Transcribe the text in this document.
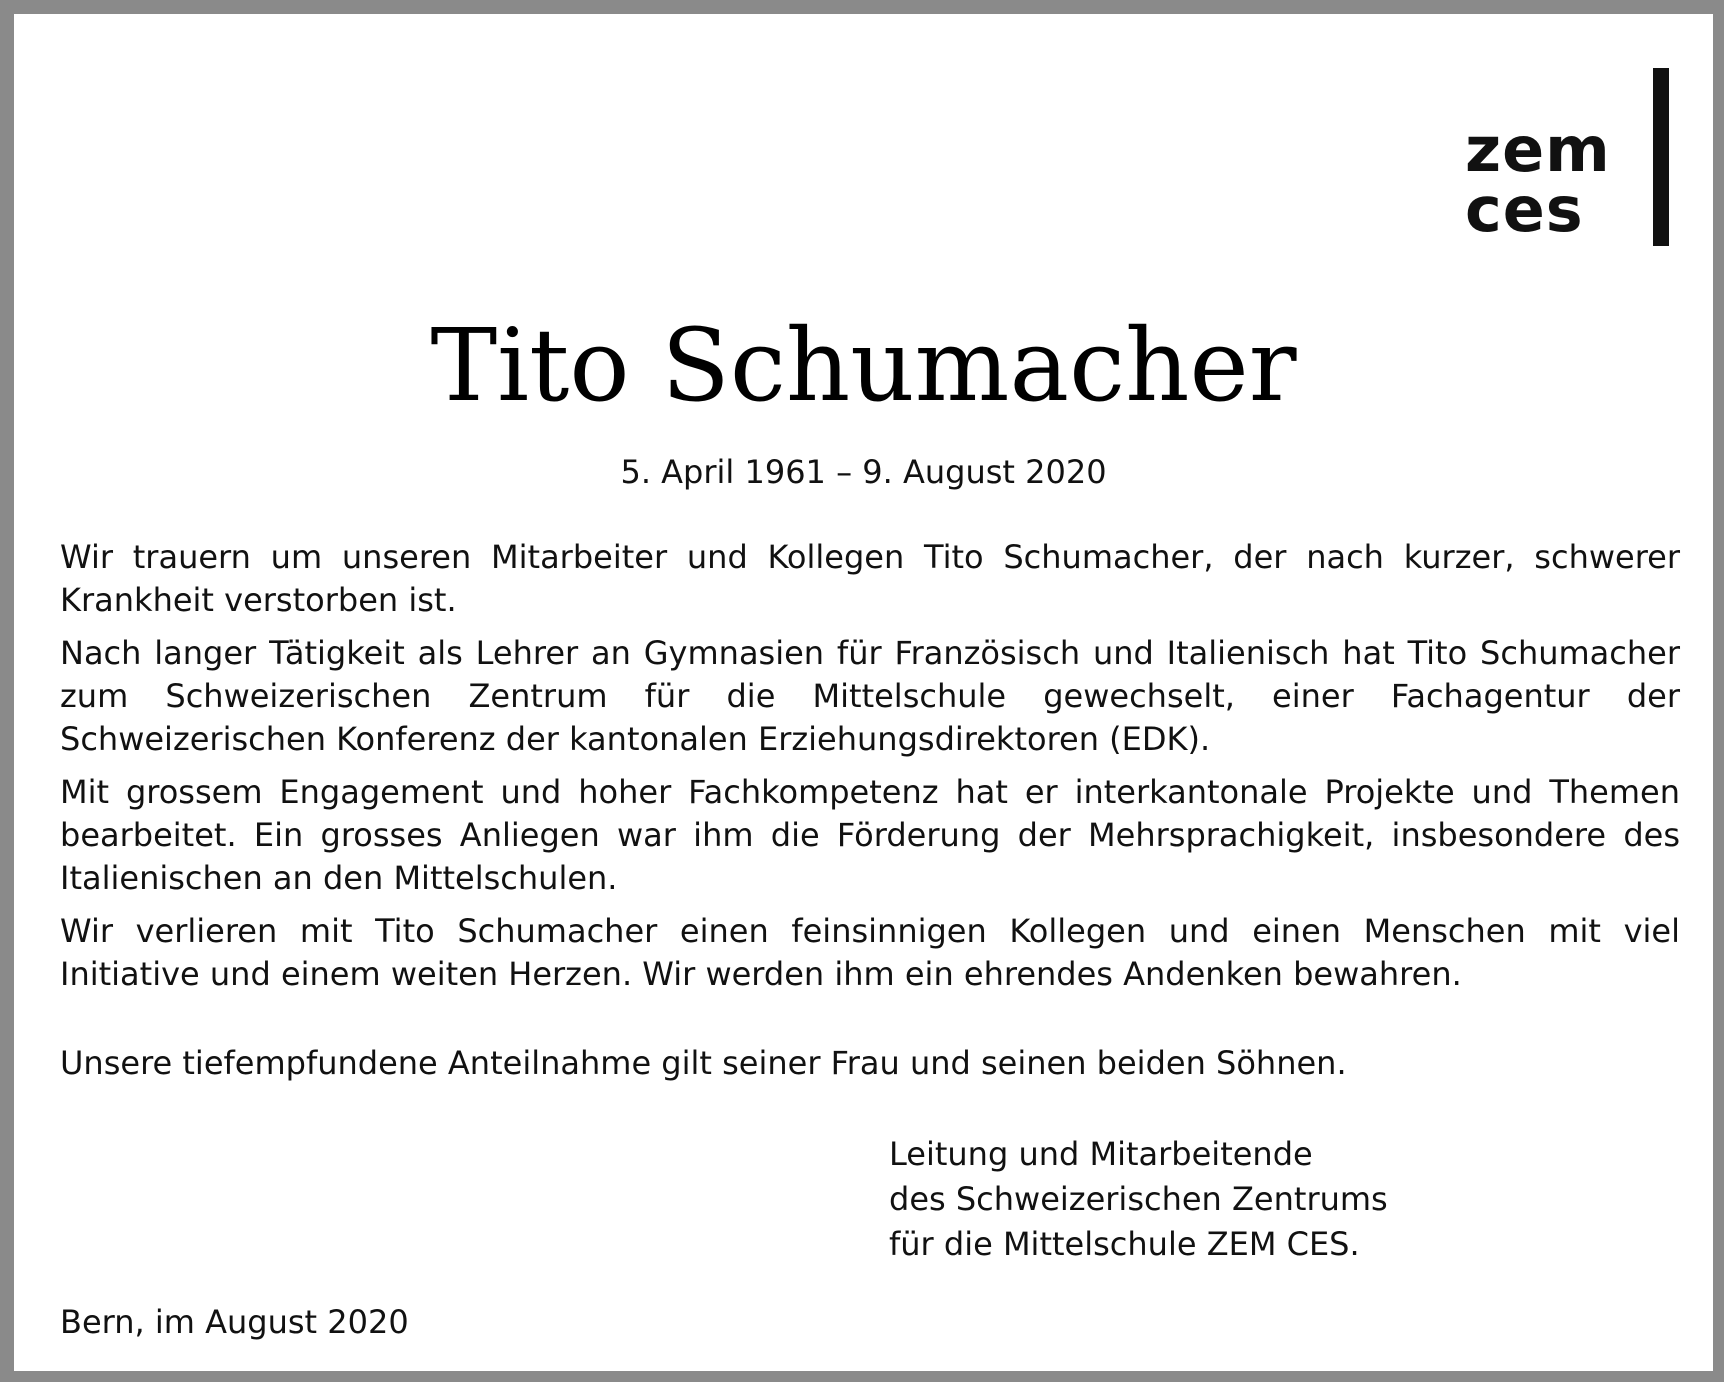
zem
ces
Tito Schumacher
5. April 1961 – 9. August 2020

Wir trauern um unseren Mitarbeiter und Kollegen Tito Schumacher, der nach kurzer, schwerer Krankheit verstorben ist.

Nach langer Tätigkeit als Lehrer an Gymnasien für Französisch und Italienisch hat Tito Schumacher zum Schweizerischen Zentrum für die Mittelschule gewechselt, einer Fachagentur der Schweizerischen Konferenz der kantonalen Erziehungsdirektoren (EDK).

Mit grossem Engagement und hoher Fachkompetenz hat er interkantonale Projekte und Themen bearbeitet. Ein grosses Anliegen war ihm die Förderung der Mehrsprachigkeit, insbesondere des Italienischen an den Mittelschulen.

Wir verlieren mit Tito Schumacher einen feinsinnigen Kollegen und einen Menschen mit viel Initiative und einem weiten Herzen. Wir werden ihm ein ehrendes Andenken bewahren.

Unsere tiefempfundene Anteilnahme gilt seiner Frau und seinen beiden Söhnen.
Leitung und Mitarbeitende
des Schweizerischen Zentrums
für die Mittelschule ZEM CES.
Bern, im August 2020
